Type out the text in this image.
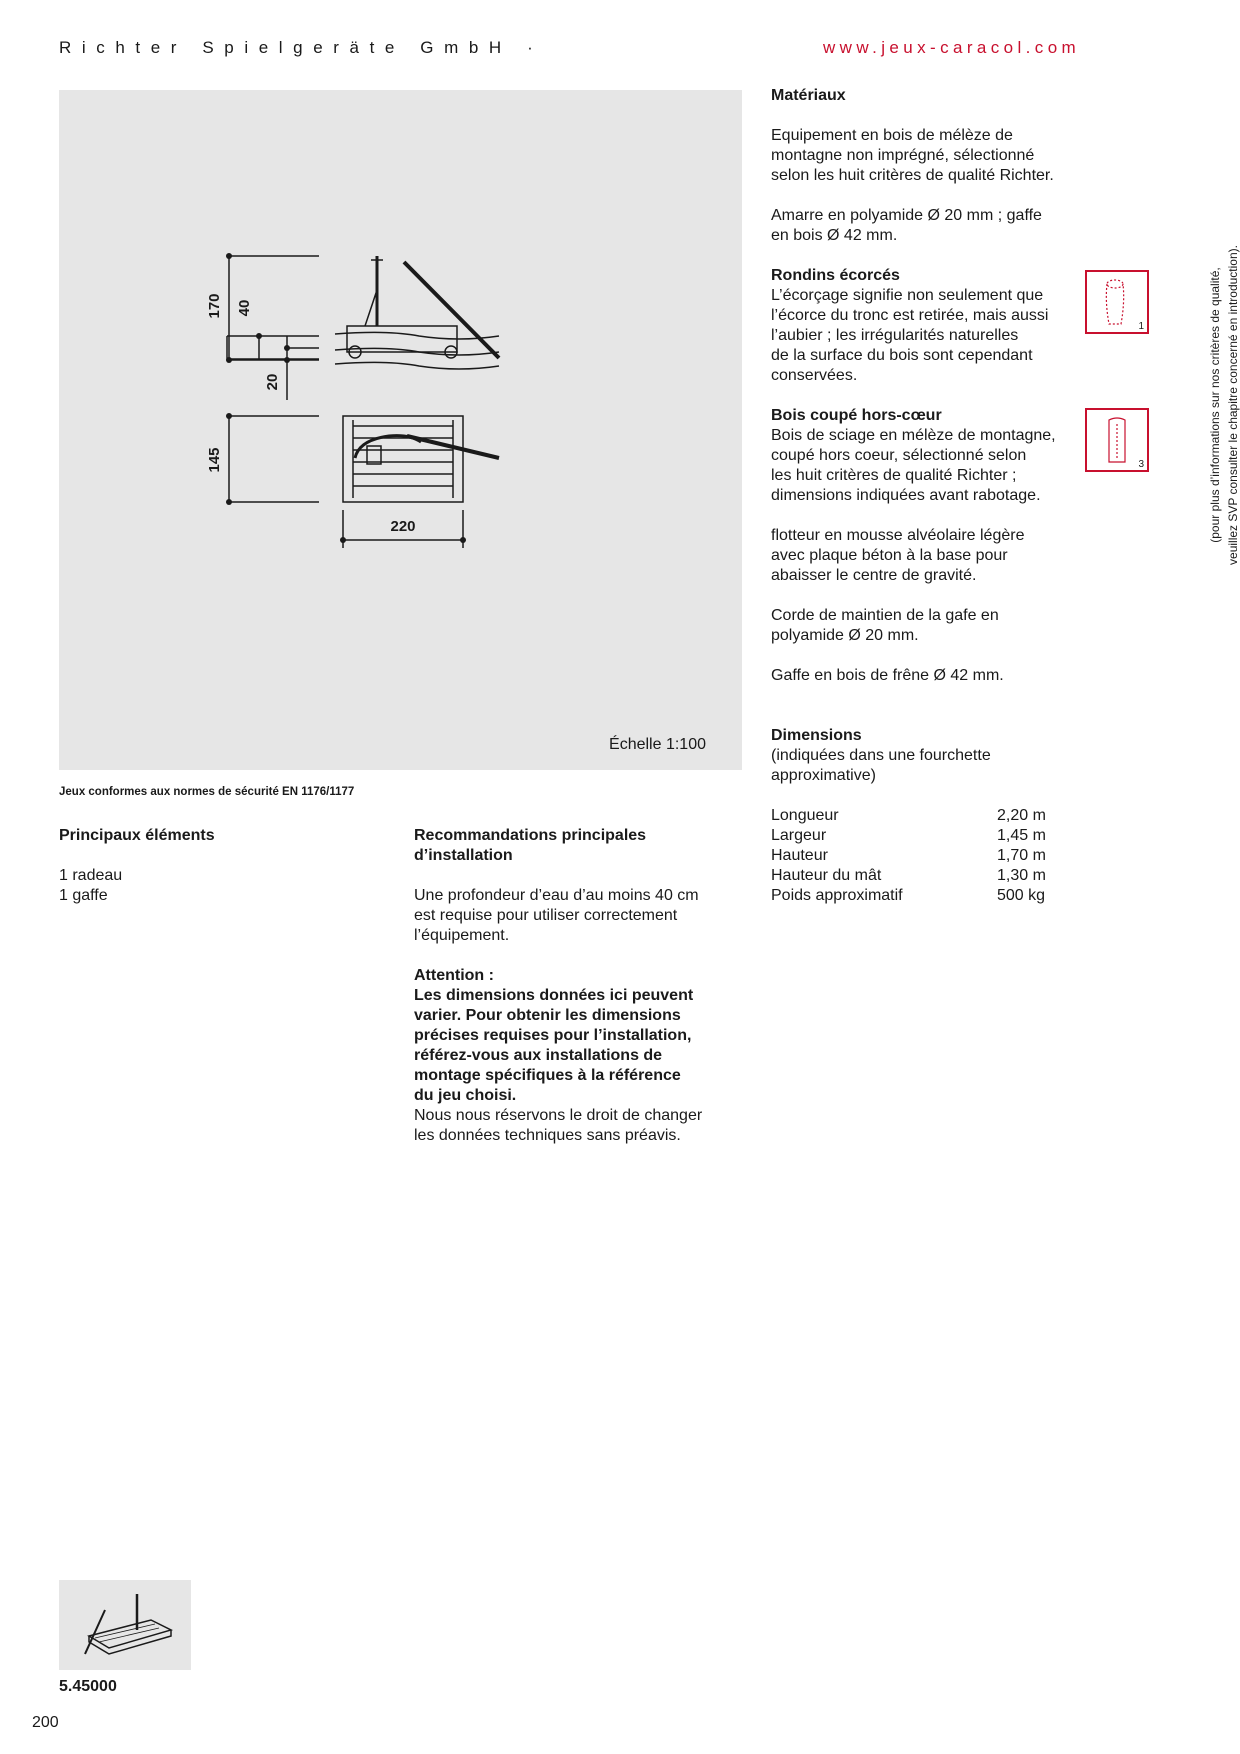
Richter Spielgeräte GmbH ·	www.jeux-caracol.com
170 40
20
145
220
Échelle 1:100
Jeux conformes aux normes de sécurité EN 1176/1177
Principaux éléments
1 radeau
1 gaffe
Recommandations principales
d’installation
Une profondeur d’eau d’au moins 40 cm
est requise pour utiliser correctement
l’équipement.
Attention :
Les dimensions données ici peuvent
varier. Pour obtenir les dimensions
précises requises pour l’installation,
référez-vous aux installations de
montage spécifiques à la référence
du jeu choisi.
Nous nous réservons le droit de changer
les données techniques sans préavis.
Matériaux
Equipement en bois de mélèze de
montagne non imprégné, sélectionné
selon les huit critères de qualité Richter.
Amarre en polyamide Ø 20 mm ; gaffe
en bois Ø 42 mm.
Rondins écorcés
L’écorçage signifie non seulement que
l’écorce du tronc est retirée, mais aussi
l’aubier ; les irrégularités naturelles
de la surface du bois sont cependant
conservées.
Bois coupé hors-cœur
Bois de sciage en mélèze de montagne,
coupé hors coeur, sélectionné selon
les huit critères de qualité Richter ;
dimensions indiquées avant rabotage.
flotteur en mousse alvéolaire légère
avec plaque béton à la base pour
abaisser le centre de gravité.
Corde de maintien de la gafe en
polyamide Ø 20 mm.
Gaffe en bois de frêne Ø 42 mm.
Dimensions
(indiquées dans une fourchette
approximative)
Longueur	2,20 m
Largeur	1,45 m
Hauteur	1,70 m
Hauteur du mât	1,30 m
Poids approximatif	500 kg
1
3	(pour plus d’informations sur nos critères de qualité, veuillez SVP consulter le chapitre concerné en introduction).
5.45000
200
